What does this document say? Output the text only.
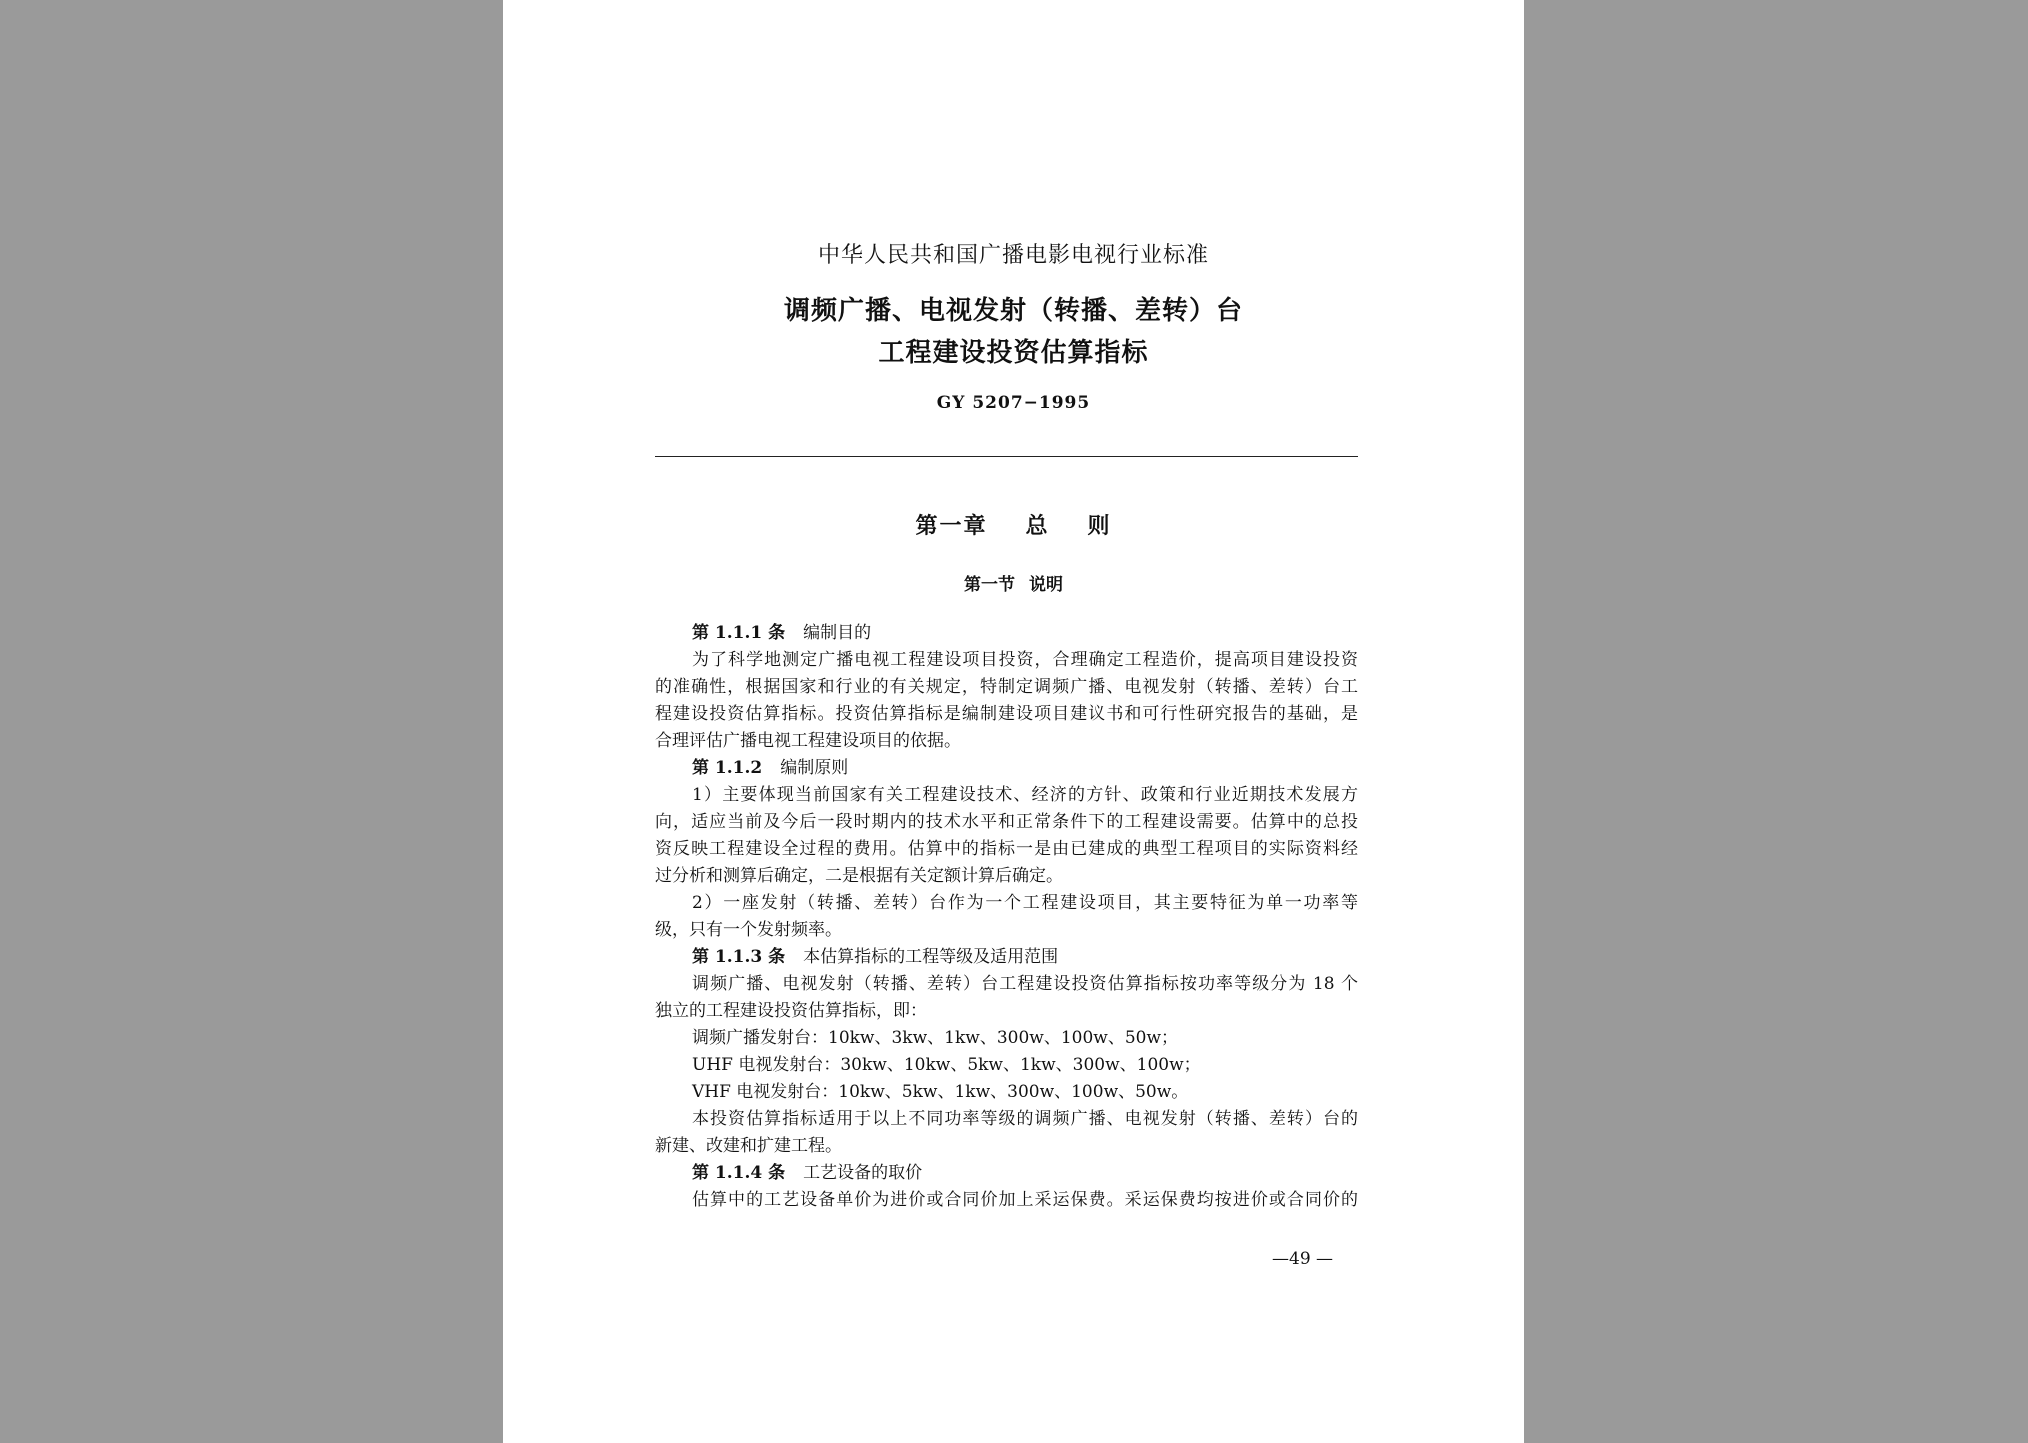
中华人民共和国广播电影电视行业标准
调频广播、电视发射（转播、差转）台
工程建设投资估算指标
GY 5207−1995
第一章 总 则
第一节 说明
第 1.1.1 条 编制目的
为了科学地测定广播电视工程建设项目投资，合理确定工程造价，提高项目建设投资
的准确性，根据国家和行业的有关规定，特制定调频广播、电视发射（转播、差转）台工
程建设投资估算指标。投资估算指标是编制建设项目建议书和可行性研究报告的基础，是
合理评估广播电视工程建设项目的依据。
第 1.1.2 编制原则
1）主要体现当前国家有关工程建设技术、经济的方针、政策和行业近期技术发展方
向，适应当前及今后一段时期内的技术水平和正常条件下的工程建设需要。估算中的总投
资反映工程建设全过程的费用。估算中的指标一是由已建成的典型工程项目的实际资料经
过分析和测算后确定，二是根据有关定额计算后确定。
2）一座发射（转播、差转）台作为一个工程建设项目，其主要特征为单一功率等
级，只有一个发射频率。
第 1.1.3 条 本估算指标的工程等级及适用范围
调频广播、电视发射（转播、差转）台工程建设投资估算指标按功率等级分为 18 个
独立的工程建设投资估算指标，即：
调频广播发射台：10kw、3kw、1kw、300w、100w、50w；
UHF 电视发射台：30kw、10kw、5kw、1kw、300w、100w；
VHF 电视发射台：10kw、5kw、1kw、300w、100w、50w。
本投资估算指标适用于以上不同功率等级的调频广播、电视发射（转播、差转）台的
新建、改建和扩建工程。
第 1.1.4 条 工艺设备的取价
估算中的工艺设备单价为进价或合同价加上采运保费。采运保费均按进价或合同价的
—49 —
